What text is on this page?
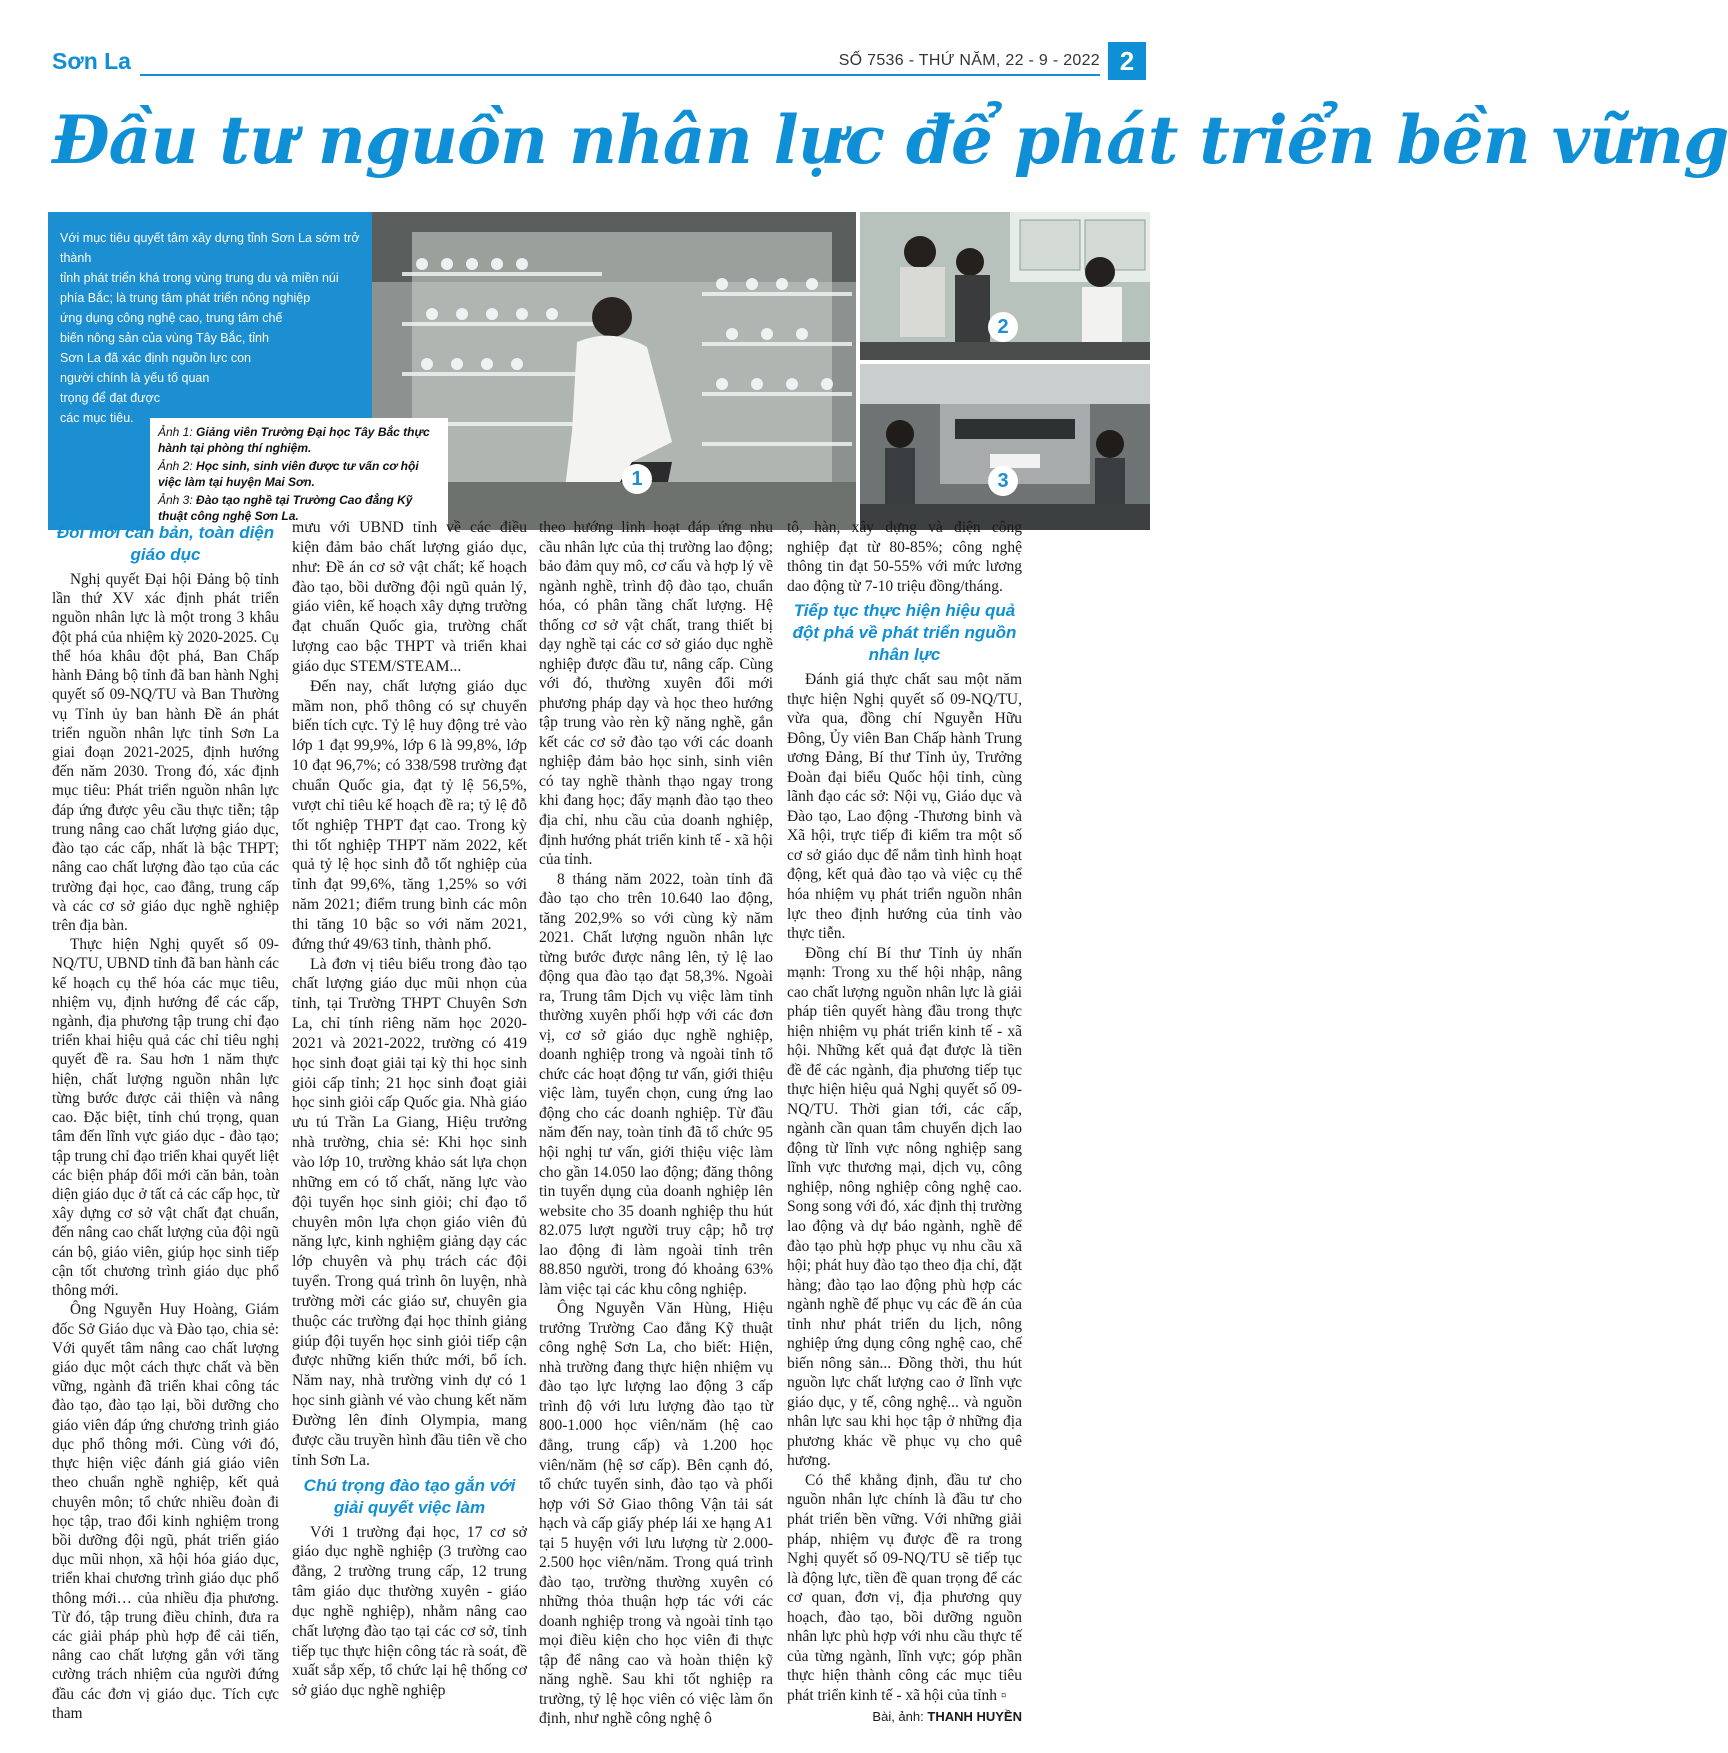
Sơn La	SỐ 7536 - THỨ NĂM, 22 - 9 - 2022 2
Đầu tư nguồn nhân lực để phát triển bền vững
1
2
3
Với mục tiêu quyết tâm xây dựng tỉnh Sơn La sớm trở thành
tỉnh phát triển khá trong vùng trung du và miền núi
phía Bắc; là trung tâm phát triển nông nghiệp
ứng dụng công nghệ cao, trung tâm chế
biến nông sản của vùng Tây Bắc, tỉnh
Sơn La đã xác định nguồn lực con
người chính là yếu tố quan
trọng để đạt được
các mục tiêu.
Ảnh 1: Giảng viên Trường Đại học Tây Bắc thực hành tại phòng thí nghiệm.
Ảnh 2: Học sinh, sinh viên được tư vấn cơ hội việc làm tại huyện Mai Sơn.
Ảnh 3: Đào tạo nghề tại Trường Cao đẳng Kỹ thuật công nghệ Sơn La.

Đổi mới căn bản, toàn diện giáo dục

Nghị quyết Đại hội Đảng bộ tỉnh lần thứ XV xác định phát triển nguồn nhân lực là một trong 3 khâu đột phá của nhiệm kỳ 2020-2025. Cụ thể hóa khâu đột phá, Ban Chấp hành Đảng bộ tỉnh đã ban hành Nghị quyết số 09-NQ/TU và Ban Thường vụ Tỉnh ủy ban hành Đề án phát triển nguồn nhân lực tỉnh Sơn La giai đoạn 2021-2025, định hướng đến năm 2030. Trong đó, xác định mục tiêu: Phát triển nguồn nhân lực đáp ứng được yêu cầu thực tiễn; tập trung nâng cao chất lượng giáo dục, đào tạo các cấp, nhất là bậc THPT; nâng cao chất lượng đào tạo của các trường đại học, cao đẳng, trung cấp và các cơ sở giáo dục nghề nghiệp trên địa bàn.

Thực hiện Nghị quyết số 09-NQ/TU, UBND tỉnh đã ban hành các kế hoạch cụ thể hóa các mục tiêu, nhiệm vụ, định hướng để các cấp, ngành, địa phương tập trung chỉ đạo triển khai hiệu quả các chỉ tiêu nghị quyết đề ra. Sau hơn 1 năm thực hiện, chất lượng nguồn nhân lực từng bước được cải thiện và nâng cao. Đặc biệt, tỉnh chú trọng, quan tâm đến lĩnh vực giáo dục - đào tạo; tập trung chỉ đạo triển khai quyết liệt các biện pháp đổi mới căn bản, toàn diện giáo dục ở tất cả các cấp học, từ xây dựng cơ sở vật chất đạt chuẩn, đến nâng cao chất lượng của đội ngũ cán bộ, giáo viên, giúp học sinh tiếp cận tốt chương trình giáo dục phổ thông mới.

Ông Nguyễn Huy Hoàng, Giám đốc Sở Giáo dục và Đào tạo, chia sẻ: Với quyết tâm nâng cao chất lượng giáo dục một cách thực chất và bền vững, ngành đã triển khai công tác đào tạo, đào tạo lại, bồi dưỡng cho giáo viên đáp ứng chương trình giáo dục phổ thông mới. Cùng với đó, thực hiện việc đánh giá giáo viên theo chuẩn nghề nghiệp, kết quả chuyên môn; tổ chức nhiều đoàn đi học tập, trao đổi kinh nghiệm trong bồi dưỡng đội ngũ, phát triển giáo dục mũi nhọn, xã hội hóa giáo dục, triển khai chương trình giáo dục phổ thông mới… của nhiều địa phương. Từ đó, tập trung điều chỉnh, đưa ra các giải pháp phù hợp để cải tiến, nâng cao chất lượng gắn với tăng cường trách nhiệm của người đứng đầu các đơn vị giáo dục. Tích cực tham

mưu với UBND tỉnh về các điều kiện đảm bảo chất lượng giáo dục, như: Đề án cơ sở vật chất; kế hoạch đào tạo, bồi dưỡng đội ngũ quản lý, giáo viên, kế hoạch xây dựng trường đạt chuẩn Quốc gia, trường chất lượng cao bậc THPT và triển khai giáo dục STEM/STEAM...

Đến nay, chất lượng giáo dục mầm non, phổ thông có sự chuyển biến tích cực. Tỷ lệ huy động trẻ vào lớp 1 đạt 99,9%, lớp 6 là 99,8%, lớp 10 đạt 96,7%; có 338/598 trường đạt chuẩn Quốc gia, đạt tỷ lệ 56,5%, vượt chỉ tiêu kế hoạch đề ra; tỷ lệ đỗ tốt nghiệp THPT đạt cao. Trong kỳ thi tốt nghiệp THPT năm 2022, kết quả tỷ lệ học sinh đỗ tốt nghiệp của tỉnh đạt 99,6%, tăng 1,25% so với năm 2021; điểm trung bình các môn thi tăng 10 bậc so với năm 2021, đứng thứ 49/63 tỉnh, thành phố.

Là đơn vị tiêu biểu trong đào tạo chất lượng giáo dục mũi nhọn của tỉnh, tại Trường THPT Chuyên Sơn La, chỉ tính riêng năm học 2020-2021 và 2021-2022, trường có 419 học sinh đoạt giải tại kỳ thi học sinh giỏi cấp tỉnh; 21 học sinh đoạt giải học sinh giỏi cấp Quốc gia. Nhà giáo ưu tú Trần La Giang, Hiệu trưởng nhà trường, chia sẻ: Khi học sinh vào lớp 10, trường khảo sát lựa chọn những em có tố chất, năng lực vào đội tuyển học sinh giỏi; chỉ đạo tổ chuyên môn lựa chọn giáo viên đủ năng lực, kinh nghiệm giảng dạy các lớp chuyên và phụ trách các đội tuyển. Trong quá trình ôn luyện, nhà trường mời các giáo sư, chuyên gia thuộc các trường đại học thỉnh giảng giúp đội tuyển học sinh giỏi tiếp cận được những kiến thức mới, bổ ích. Năm nay, nhà trường vinh dự có 1 học sinh giành vé vào chung kết năm Đường lên đỉnh Olympia, mang được cầu truyền hình đầu tiên về cho tỉnh Sơn La.

Chú trọng đào tạo gắn với giải quyết việc làm

Với 1 trường đại học, 17 cơ sở giáo dục nghề nghiệp (3 trường cao đẳng, 2 trường trung cấp, 12 trung tâm giáo dục thường xuyên - giáo dục nghề nghiệp), nhằm nâng cao chất lượng đào tạo tại các cơ sở, tỉnh tiếp tục thực hiện công tác rà soát, đề xuất sắp xếp, tổ chức lại hệ thống cơ sở giáo dục nghề nghiệp

theo hướng linh hoạt đáp ứng nhu cầu nhân lực của thị trường lao động; bảo đảm quy mô, cơ cấu và hợp lý về ngành nghề, trình độ đào tạo, chuẩn hóa, có phân tầng chất lượng. Hệ thống cơ sở vật chất, trang thiết bị dạy nghề tại các cơ sở giáo dục nghề nghiệp được đầu tư, nâng cấp. Cùng với đó, thường xuyên đổi mới phương pháp dạy và học theo hướng tập trung vào rèn kỹ năng nghề, gắn kết các cơ sở đào tạo với các doanh nghiệp đảm bảo học sinh, sinh viên có tay nghề thành thạo ngay trong khi đang học; đẩy mạnh đào tạo theo địa chỉ, nhu cầu của doanh nghiệp, định hướng phát triển kinh tế - xã hội của tỉnh.

8 tháng năm 2022, toàn tỉnh đã đào tạo cho trên 10.640 lao động, tăng 202,9% so với cùng kỳ năm 2021. Chất lượng nguồn nhân lực từng bước được nâng lên, tỷ lệ lao động qua đào tạo đạt 58,3%. Ngoài ra, Trung tâm Dịch vụ việc làm tỉnh thường xuyên phối hợp với các đơn vị, cơ sở giáo dục nghề nghiệp, doanh nghiệp trong và ngoài tỉnh tổ chức các hoạt động tư vấn, giới thiệu việc làm, tuyển chọn, cung ứng lao động cho các doanh nghiệp. Từ đầu năm đến nay, toàn tỉnh đã tổ chức 95 hội nghị tư vấn, giới thiệu việc làm cho gần 14.050 lao động; đăng thông tin tuyển dụng của doanh nghiệp lên website cho 35 doanh nghiệp thu hút 82.075 lượt người truy cập; hỗ trợ lao động đi làm ngoài tỉnh trên 88.850 người, trong đó khoảng 63% làm việc tại các khu công nghiệp.

Ông Nguyễn Văn Hùng, Hiệu trưởng Trường Cao đẳng Kỹ thuật công nghệ Sơn La, cho biết: Hiện, nhà trường đang thực hiện nhiệm vụ đào tạo lực lượng lao động 3 cấp trình độ với lưu lượng đào tạo từ 800-1.000 học viên/năm (hệ cao đẳng, trung cấp) và 1.200 học viên/năm (hệ sơ cấp). Bên cạnh đó, tổ chức tuyển sinh, đào tạo và phối hợp với Sở Giao thông Vận tải sát hạch và cấp giấy phép lái xe hạng A1 tại 5 huyện với lưu lượng từ 2.000-2.500 học viên/năm. Trong quá trình đào tạo, trường thường xuyên có những thỏa thuận hợp tác với các doanh nghiệp trong và ngoài tỉnh tạo mọi điều kiện cho học viên đi thực tập để nâng cao và hoàn thiện kỹ năng nghề. Sau khi tốt nghiệp ra trường, tỷ lệ học viên có việc làm ổn định, như nghề công nghệ ô

tô, hàn, xây dựng và điện công nghiệp đạt từ 80-85%; công nghệ thông tin đạt 50-55% với mức lương dao động từ 7-10 triệu đồng/tháng.

Tiếp tục thực hiện hiệu quả đột phá về phát triển nguồn nhân lực

Đánh giá thực chất sau một năm thực hiện Nghị quyết số 09-NQ/TU, vừa qua, đồng chí Nguyễn Hữu Đông, Ủy viên Ban Chấp hành Trung ương Đảng, Bí thư Tỉnh ủy, Trưởng Đoàn đại biểu Quốc hội tỉnh, cùng lãnh đạo các sở: Nội vụ, Giáo dục và Đào tạo, Lao động -Thương binh và Xã hội, trực tiếp đi kiểm tra một số cơ sở giáo dục để nắm tình hình hoạt động, kết quả đào tạo và việc cụ thể hóa nhiệm vụ phát triển nguồn nhân lực theo định hướng của tỉnh vào thực tiễn.

Đồng chí Bí thư Tỉnh ủy nhấn mạnh: Trong xu thế hội nhập, nâng cao chất lượng nguồn nhân lực là giải pháp tiên quyết hàng đầu trong thực hiện nhiệm vụ phát triển kinh tế - xã hội. Những kết quả đạt được là tiền đề để các ngành, địa phương tiếp tục thực hiện hiệu quả Nghị quyết số 09-NQ/TU. Thời gian tới, các cấp, ngành cần quan tâm chuyển dịch lao động từ lĩnh vực nông nghiệp sang lĩnh vực thương mại, dịch vụ, công nghiệp, nông nghiệp công nghệ cao. Song song với đó, xác định thị trường lao động và dự báo ngành, nghề để đào tạo phù hợp phục vụ nhu cầu xã hội; phát huy đào tạo theo địa chỉ, đặt hàng; đào tạo lao động phù hợp các ngành nghề để phục vụ các đề án của tỉnh như phát triển du lịch, nông nghiệp ứng dụng công nghệ cao, chế biến nông sản... Đồng thời, thu hút nguồn lực chất lượng cao ở lĩnh vực giáo dục, y tế, công nghệ... và nguồn nhân lực sau khi học tập ở những địa phương khác về phục vụ cho quê hương.

Có thể khẳng định, đầu tư cho nguồn nhân lực chính là đầu tư cho phát triển bền vững. Với những giải pháp, nhiệm vụ được đề ra trong Nghị quyết số 09-NQ/TU sẽ tiếp tục là động lực, tiền đề quan trọng để các cơ quan, đơn vị, địa phương quy hoạch, đào tạo, bồi dưỡng nguồn nhân lực phù hợp với nhu cầu thực tế của từng ngành, lĩnh vực; góp phần thực hiện thành công các mục tiêu phát triển kinh tế - xã hội của tỉnh ▫

Bài, ảnh: THANH HUYỀN
